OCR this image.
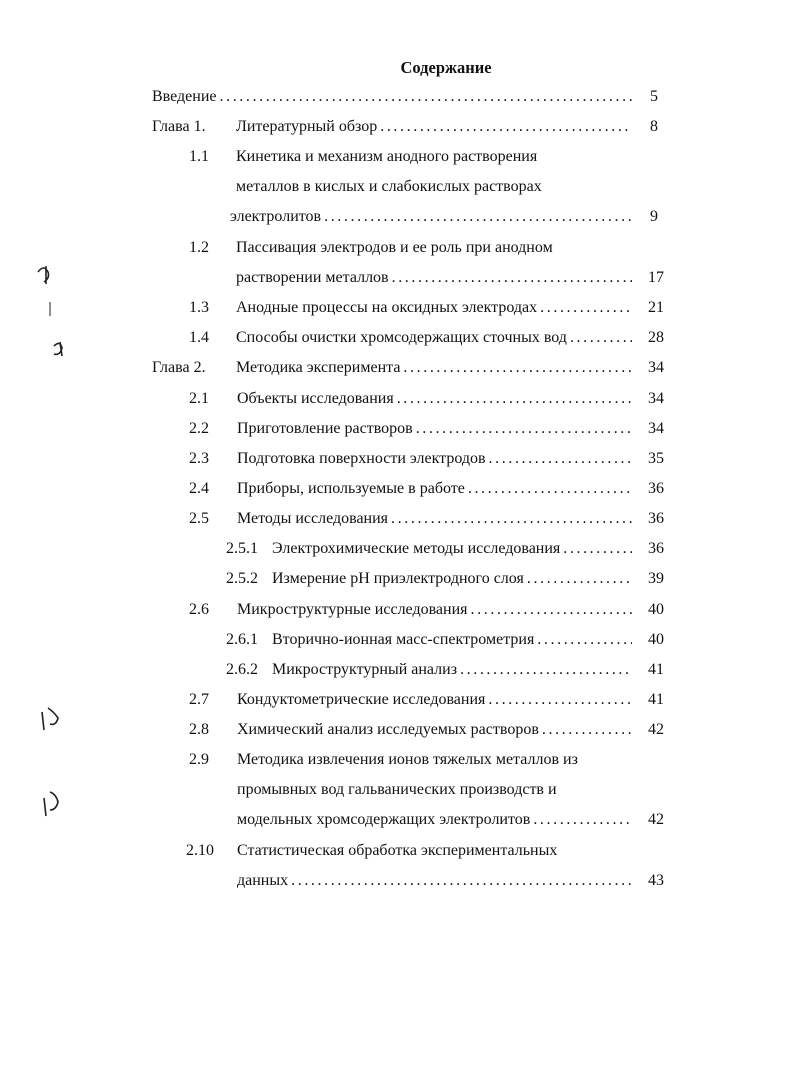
Содержание
Введение .....	5
Глава 1. Литературный обзор .....	8
1.1 Кинетика и механизм анодного растворения
металлов в кислых и слабокислых растворах
электролитов .....	9
1.2 Пассивация электродов и ее роль при анодном
растворении металлов .....	17
1.3 Анодные процессы на оксидных электродах .....	21
1.4 Способы очистки хромсодержащих сточных вод .....	28
Глава 2. Методика эксперимента .....	34
2.1 Объекты исследования .....	34
2.2 Приготовление растворов .....	34
2.3 Подготовка поверхности электродов .....	35
2.4 Приборы, используемые в работе .....	36
2.5 Методы исследования .....	36
2.5.1 Электрохимические методы исследования .....	36
2.5.2 Измерение рН приэлектродного слоя .....	39
2.6 Микроструктурные исследования .....	40
2.6.1 Вторично-ионная масс-спектрометрия .....	40
2.6.2 Микроструктурный анализ .....	41
2.7 Кондуктометрические исследования .....	41
2.8 Химический анализ исследуемых растворов .....	42
2.9 Методика извлечения ионов тяжелых металлов из
промывных вод гальванических производств и
модельных хромсодержащих электролитов .....	42
2.10 Статистическая обработка экспериментальных
данных .....	43
